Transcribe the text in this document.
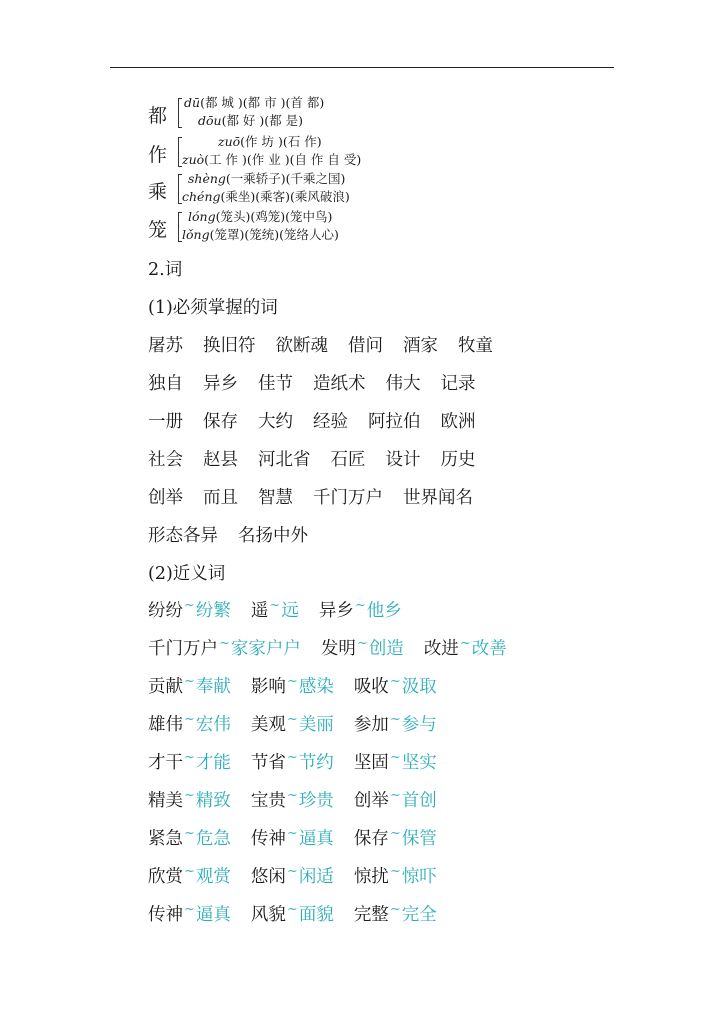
都
dū(都 城 )(都 市 )(首 都)
dōu(都 好 )(都 是)
作
zuō(作 坊 )(石 作)
zuò(工 作 )(作 业 )(自 作 自 受)
乘
shèng(一乘轿子)(千乘之国)
chéng(乘坐)(乘客)(乘风破浪)
笼
lóng(笼头)(鸡笼)(笼中鸟)
lǒng(笼罩)(笼统)(笼络人心)
2.词
(1)必须掌握的词
屠苏 换旧符 欲断魂 借问 酒家 牧童
独自 异乡 佳节 造纸术 伟大 记录
一册 保存 大约 经验 阿拉伯 欧洲
社会 赵县 河北省 石匠 设计 历史
创举 而且 智慧 千门万户 世界闻名
形态各异 名扬中外
(2)近义词
纷纷~纷繁 遥~远 异乡~他乡
千门万户~家家户户 发明~创造 改进~改善
贡献~奉献 影响~感染 吸收~汲取
雄伟~宏伟 美观~美丽 参加~参与
才干~才能 节省~节约 坚固~坚实
精美~精致 宝贵~珍贵 创举~首创
紧急~危急 传神~逼真 保存~保管
欣赏~观赏 悠闲~闲适 惊扰~惊吓
传神~逼真 风貌~面貌 完整~完全
